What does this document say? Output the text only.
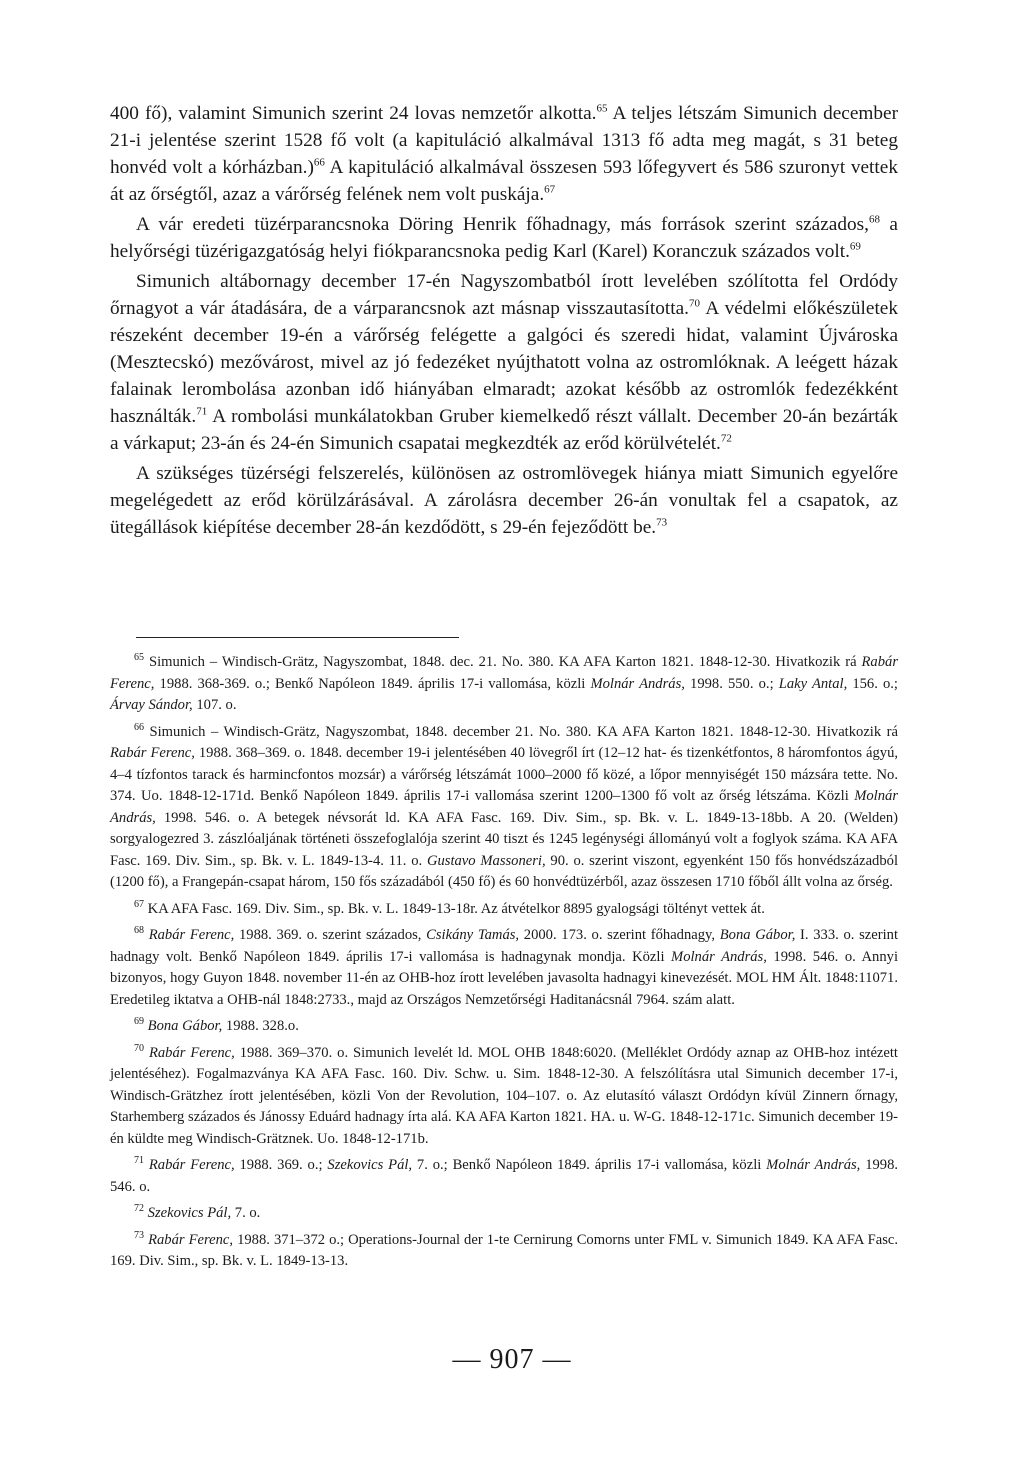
400 fő), valamint Simunich szerint 24 lovas nemzetőr alkotta.$^{65}$ A teljes létszám Simunich december 21-i jelentése szerint 1528 fő volt (a kapituláció alkalmával 1313 fő adta meg magát, s 31 beteg honvéd volt a kórházban.)$^{66}$ A kapituláció alkalmával összesen 593 lőfegyvert és 586 szuronyt vettek át az őrségtől, azaz a várőrség felének nem volt puskája.$^{67}$

A vár eredeti tüzérparancsnoka Döring Henrik főhadnagy, más források szerint százados,$^{68}$ a helyőrségi tüzérigazgatóság helyi fiókparancsnoka pedig Karl (Karel) Koranczuk százados volt.$^{69}$

Simunich altábornagy december 17-én Nagyszombatból írott levelében szólította fel Ordódy őrnagyot a vár átadására, de a várparancsnok azt másnap visszautasította.$^{70}$ A védelmi előkészületek részeként december 19-én a várőrség felégette a galgóci és szeredi hidat, valamint Újvároska (Mesztecskó) mezővárost, mivel az jó fedezéket nyújthatott volna az ostromlóknak. A leégett házak falainak lerombolása azonban idő hiányában elmaradt; azokat később az ostromlók fedezékként használták.$^{71}$ A rombolási munkálatokban Gruber kiemelkedő részt vállalt. December 20-án bezárták a várkaput; 23-án és 24-én Simunich csapatai megkezdték az erőd körülvételét.$^{72}$

A szükséges tüzérségi felszerelés, különösen az ostromlövegek hiánya miatt Simunich egyelőre megelégedett az erőd körülzárásával. A zárolásra december 26-án vonultak fel a csapatok, az ütegállások kiépítése december 28-án kezdődött, s 29-én fejeződött be.$^{73}$

$^{65}$ Simunich – Windisch-Grätz, Nagyszombat, 1848. dec. 21. No. 380. KA AFA Karton 1821. 1848-12-30. Hivatkozik rá Rabár Ferenc, 1988. 368-369. o.; Benkő Napóleon 1849. április 17-i vallomása, közli Molnár András, 1998. 550. o.; Laky Antal, 156. o.; Árvay Sándor, 107. o.

$^{66}$ Simunich – Windisch-Grätz, Nagyszombat, 1848. december 21. No. 380. KA AFA Karton 1821. 1848-12-30. Hivatkozik rá Rabár Ferenc, 1988. 368–369. o. 1848. december 19-i jelentésében 40 lövegről írt (12–12 hat- és tizenkétfontos, 8 háromfontos ágyú, 4–4 tízfontos tarack és harmincfontos mozsár) a várőrség létszámát 1000–2000 fő közé, a lőpor mennyiségét 150 mázsára tette. No. 374. Uo. 1848-12-171d. Benkő Napóleon 1849. április 17-i vallomása szerint 1200–1300 fő volt az őrség létszáma. Közli Molnár András, 1998. 546. o. A betegek névsorát ld. KA AFA Fasc. 169. Div. Sim., sp. Bk. v. L. 1849-13-18bb. A 20. (Welden) sorgyalogezred 3. zászlóaljának történeti összefoglalója szerint 40 tiszt és 1245 legénységi állományú volt a foglyok száma. KA AFA Fasc. 169. Div. Sim., sp. Bk. v. L. 1849-13-4. 11. o. Gustavo Massoneri, 90. o. szerint viszont, egyenként 150 fős honvédszázadból (1200 fő), a Frangepán-csapat három, 150 fős századából (450 fő) és 60 honvédtüzérből, azaz összesen 1710 főből állt volna az őrség.

$^{67}$ KA AFA Fasc. 169. Div. Sim., sp. Bk. v. L. 1849-13-18r. Az átvételkor 8895 gyalogsági töltényt vettek át.

$^{68}$ Rabár Ferenc, 1988. 369. o. szerint százados, Csikány Tamás, 2000. 173. o. szerint főhadnagy, Bona Gábor, I. 333. o. szerint hadnagy volt. Benkő Napóleon 1849. április 17-i vallomása is hadnagynak mondja. Közli Molnár András, 1998. 546. o. Annyi bizonyos, hogy Guyon 1848. november 11-én az OHB-hoz írott levelében javasolta hadnagyi kinevezését. MOL HM Ált. 1848:11071. Eredetileg iktatva a OHB-nál 1848:2733., majd az Országos Nemzetőrségi Haditanácsnál 7964. szám alatt.

$^{69}$ Bona Gábor, 1988. 328.o.

$^{70}$ Rabár Ferenc, 1988. 369–370. o. Simunich levelét ld. MOL OHB 1848:6020. (Melléklet Ordódy aznap az OHB-hoz intézett jelentéséhez). Fogalmazványa KA AFA Fasc. 160. Div. Schw. u. Sim. 1848-12-30. A felszólításra utal Simunich december 17-i, Windisch-Grätzhez írott jelentésében, közli Von der Revolution, 104–107. o. Az elutasító választ Ordódyn kívül Zinnern őrnagy, Starhemberg százados és Jánossy Eduárd hadnagy írta alá. KA AFA Karton 1821. HA. u. W-G. 1848-12-171c. Simunich december 19-én küldte meg Windisch-Grätznek. Uo. 1848-12-171b.

$^{71}$ Rabár Ferenc, 1988. 369. o.; Szekovics Pál, 7. o.; Benkő Napóleon 1849. április 17-i vallomása, közli Molnár András, 1998. 546. o.

$^{72}$ Szekovics Pál, 7. o.

$^{73}$ Rabár Ferenc, 1988. 371–372 o.; Operations-Journal der 1-te Cernirung Comorns unter FML v. Simunich 1849. KA AFA Fasc. 169. Div. Sim., sp. Bk. v. L. 1849-13-13.

— 907 —
